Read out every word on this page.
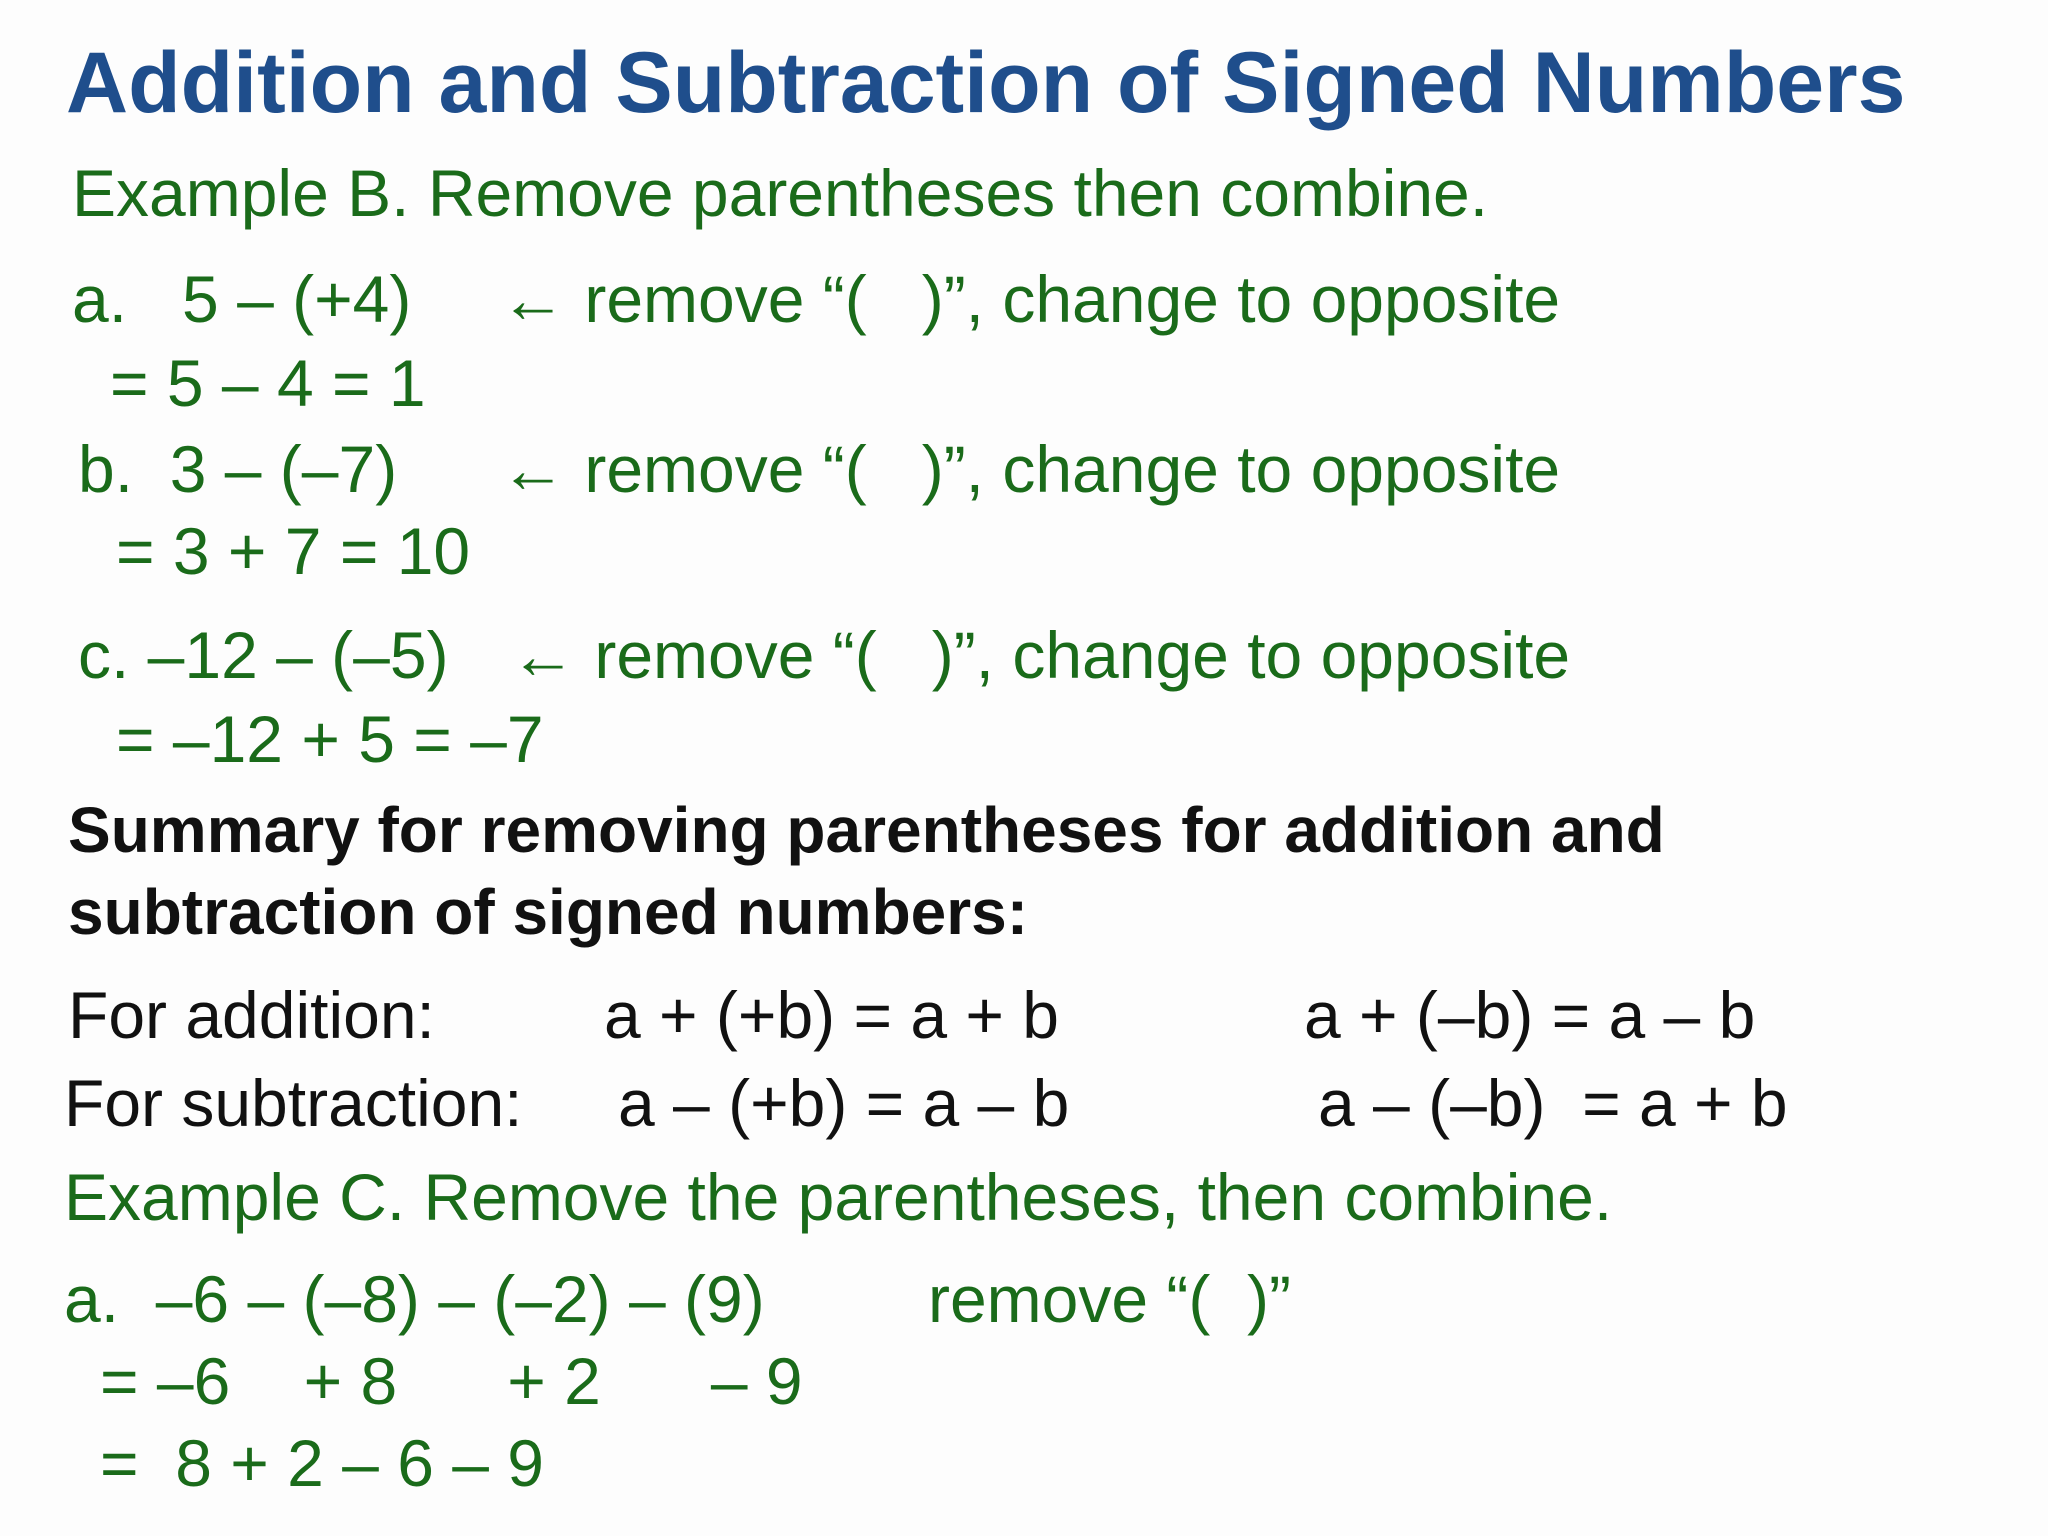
Addition and Subtraction of Signed Numbers
Example B. Remove parentheses then combine.
a.   5 – (+4) ← remove “(   )”, change to opposite
= 5 – 4 = 1
b.  3 – (–7) ← remove “(   )”, change to opposite
= 3 + 7 = 10
c. –12 – (–5) ← remove “(   )”, change to opposite
= –12 + 5 = –7
Summary for removing parentheses for addition and
subtraction of signed numbers:
For addition:	a + (+b) = a + b	a + (–b) = a – b
For subtraction: a – (+b) = a – b	a – (–b)  = a + b
Example C. Remove the parentheses, then combine.
a.  –6 – (–8) – (–2) – (9) remove “(  )”
= –6    + 8      + 2      – 9
=  8 + 2 – 6 – 9
